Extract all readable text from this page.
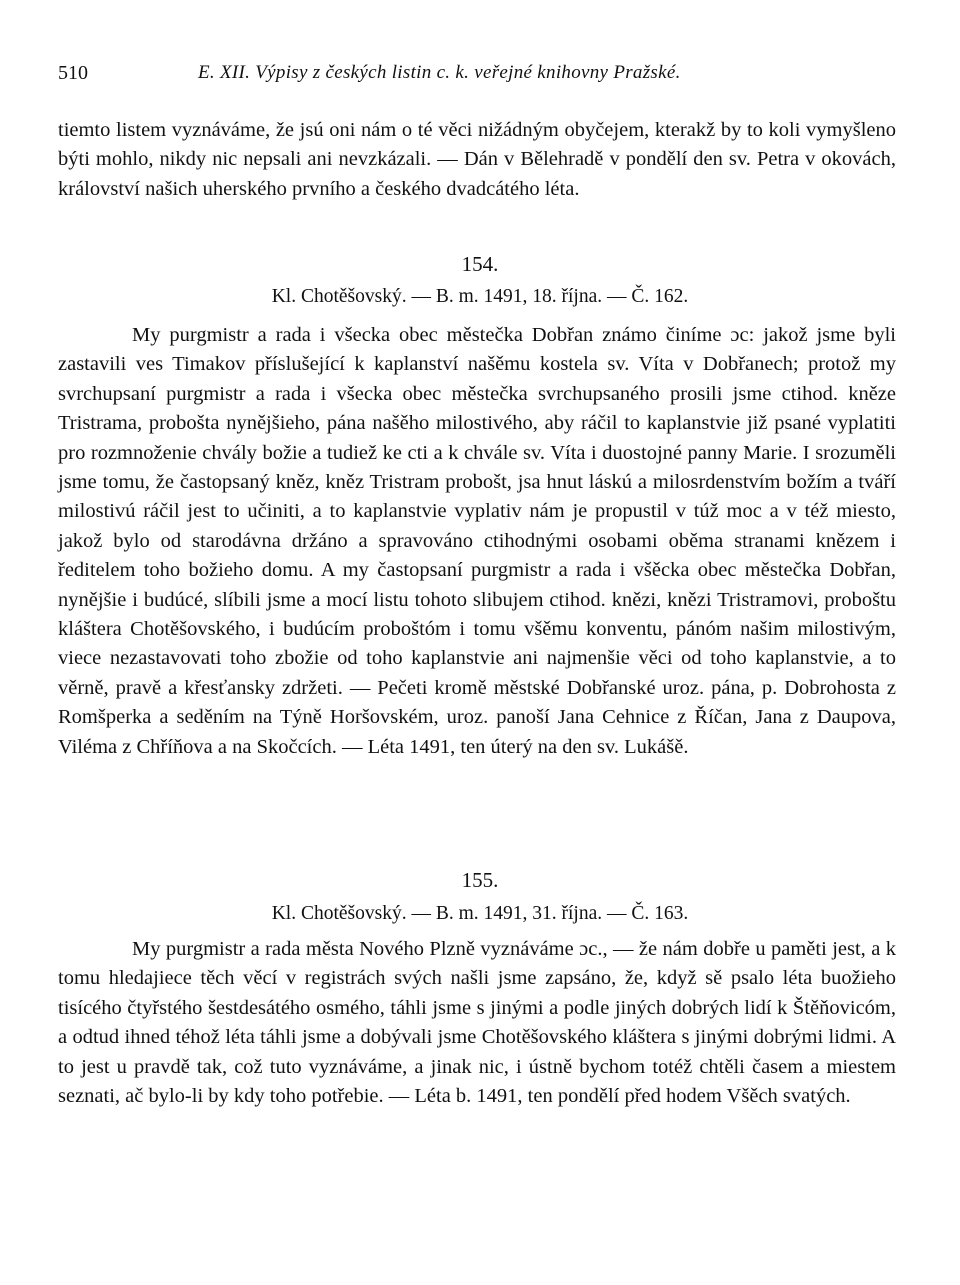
510	E. XII. Výpisy z českých listin c. k. veřejné knihovny Pražské.

tiemto listem vyznáváme, že jsú oni nám o té věci nižádným obyčejem, kterakž by to koli vymyšleno býti mohlo, nikdy nic nepsali ani nevzkázali. — Dán v Bělehradě v pondělí den sv. Petra v okovách, království našich uherského prvního a českého dvadcátého léta.

154.
Kl. Chotěšovský. — B. m. 1491, 18. října. — Č. 162.

My purgmistr a rada i všecka obec městečka Dobřan známo činíme ɔc: jakož jsme byli zastavili ves Timakov příslušející k kaplanství našěmu kostela sv. Víta v Dobřanech; protož my svrchupsaní purgmistr a rada i všecka obec městečka svrchupsaného prosili jsme ctihod. kněze Tristrama, probošta nynějšieho, pána našěho milostivého, aby ráčil to kaplanstvie již psané vyplatiti pro rozmnoženie chvály božie a tudiež ke cti a k chvále sv. Víta i duostojné panny Marie. I srozuměli jsme tomu, že častopsaný kněz, kněz Tristram probošt, jsa hnut láskú a milosrdenstvím božím a tváří milostivú ráčil jest to učiniti, a to kaplanstvie vyplativ nám je propustil v túž moc a v též miesto, jakož bylo od starodávna držáno a spravováno ctihodnými osobami oběma stranami knězem i ředitelem toho božieho domu. A my častopsaní purgmistr a rada i všěcka obec městečka Dobřan, nynějšie i budúcé, slíbili jsme a mocí listu tohoto slibujem ctihod. knězi, knězi Tristramovi, proboštu kláštera Chotěšovského, i budúcím proboštóm i tomu všěmu konventu, pánóm našim milostivým, viece nezastavovati toho zbožie od toho kaplanstvie ani najmenšie věci od toho kaplanstvie, a to věrně, pravě a křesťansky zdržeti. — Pečeti kromě městské Dobřanské uroz. pána, p. Dobrohosta z Romšperka a seděním na Týně Horšovském, uroz. panoší Jana Cehnice z Říčan, Jana z Daupova, Viléma z Chříňova a na Skočcích. — Léta 1491, ten úterý na den sv. Lukášě.

155.
Kl. Chotěšovský. — B. m. 1491, 31. října. — Č. 163.

My purgmistr a rada města Nového Plzně vyznáváme ɔc., — že nám dobře u paměti jest, a k tomu hledajiece těch věcí v registrách svých našli jsme zapsáno, že, když sě psalo léta buožieho tisícého čtyřstého šestdesátého osmého, táhli jsme s jinými a podle jiných dobrých lidí k Štěňovicóm, a odtud ihned téhož léta táhli jsme a dobývali jsme Chotěšovského kláštera s jinými dobrými lidmi. A to jest u pravdě tak, což tuto vyznáváme, a jinak nic, i ústně bychom totéž chtěli časem a miestem seznati, ač bylo-li by kdy toho potřebie. — Léta b. 1491, ten pondělí před hodem Všěch svatých.
